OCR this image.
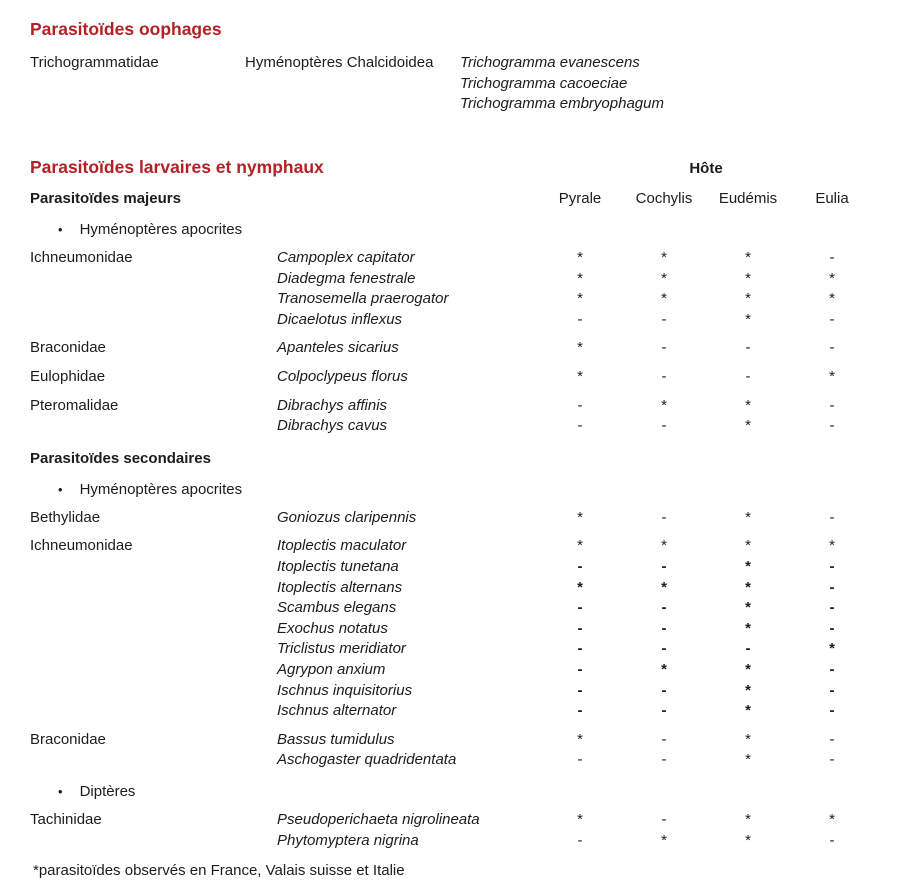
Parasitoïdes oophages
Trichogrammatidae	Hyménoptères Chalcidoidea	Trichogramma evanescens
Trichogramma cacoeciae
Trichogramma embryophagum
Parasitoïdes larvaires et nymphaux	Hôte
Parasitoïdes majeurs	Pyrale	Cochylis	Eudémis	Eulia
• Hyménoptères apocrites
Ichneumonidae	Campoplex capitator	*	*	*	-
Diadegma fenestrale	*	*	*	*
Tranosemella praerogator	*	*	*	*
Dicaelotus inflexus	-	-	*	-
Braconidae	Apanteles sicarius	*	-	-	-
Eulophidae	Colpoclypeus florus	*	-	-	*
Pteromalidae	Dibrachys affinis	-	*	*	-
Dibrachys cavus	-	-	*	-
Parasitoïdes secondaires
• Hyménoptères apocrites
Bethylidae	Goniozus claripennis	*	-	*	-
Ichneumonidae	Itoplectis maculator	*	*	*	*
Itoplectis tunetana	-	-	*	-
Itoplectis alternans	*	*	*	-
Scambus elegans	-	-	*	-
Exochus notatus	-	-	*	-
Triclistus meridiator	-	-	-	*
Agrypon anxium	-	*	*	-
Ischnus inquisitorius	-	-	*	-
Ischnus alternator	-	-	*	-
Braconidae	Bassus tumidulus	*	-	*	-
Aschogaster quadridentata	-	-	*	-
• Diptères
Tachinidae	Pseudoperichaeta nigrolineata	*	-	*	*
Phytomyptera nigrina	-	*	*	-
*parasitoïdes observés en France, Valais suisse et Italie
